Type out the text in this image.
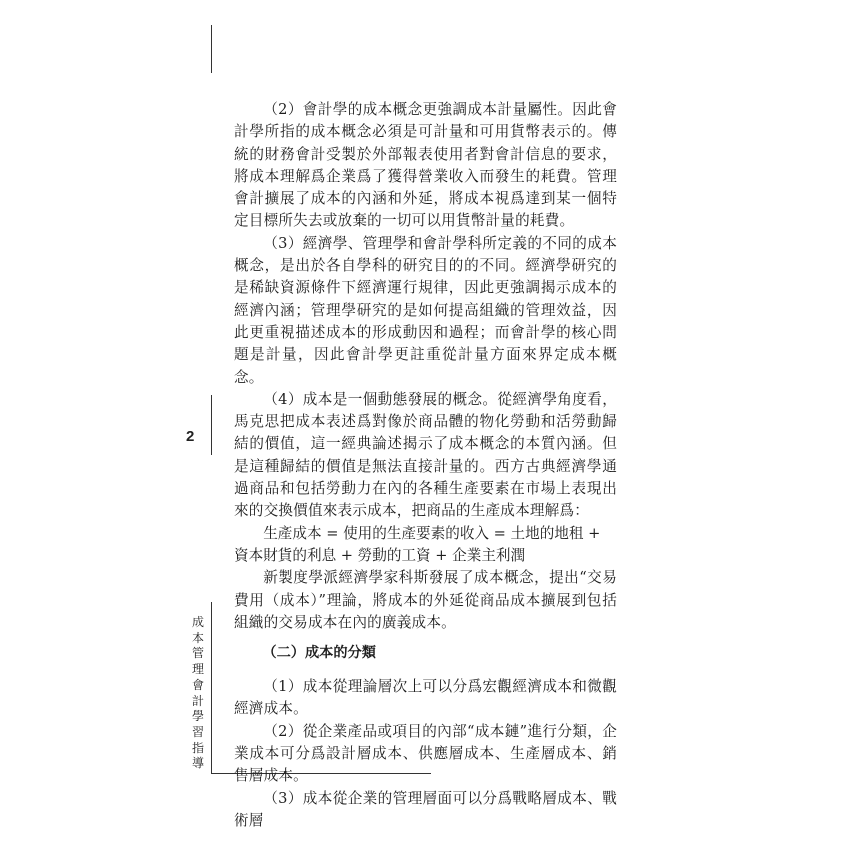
2
成本管理會計學習指導

（2）會計學的成本概念更強調成本計量屬性。因此會計學所指的成本概念必須是可計量和可用貨幣表示的。傳統的財務會計受製於外部報表使用者對會計信息的要求，將成本理解爲企業爲了獲得營業收入而發生的耗費。管理會計擴展了成本的內涵和外延，將成本視爲達到某一個特定目標所失去或放棄的一切可以用貨幣計量的耗費。

（3）經濟學、管理學和會計學科所定義的不同的成本概念，是出於各自學科的研究目的的不同。經濟學研究的是稀缺資源條件下經濟運行規律，因此更強調揭示成本的經濟內涵；管理學研究的是如何提高組織的管理效益，因此更重視描述成本的形成動因和過程；而會計學的核心問題是計量，因此會計學更註重從計量方面來界定成本概念。

（4）成本是一個動態發展的概念。從經濟學角度看，馬克思把成本表述爲對像於商品體的物化勞動和活勞動歸結的價值，這一經典論述揭示了成本概念的本質內涵。但是這種歸結的價值是無法直接計量的。西方古典經濟學通過商品和包括勞動力在內的各種生產要素在市場上表現出來的交換價值來表示成本，把商品的生產成本理解爲：

生產成本 = 使用的生產要素的收入 = 土地的地租 + 資本財貨的利息 + 勞動的工資 + 企業主利潤

新製度學派經濟學家科斯發展了成本概念，提出“交易費用（成本）”理論，將成本的外延從商品成本擴展到包括組織的交易成本在內的廣義成本。

（二）成本的分類

（1）成本從理論層次上可以分爲宏觀經濟成本和微觀經濟成本。

（2）從企業產品或項目的內部“成本鏈”進行分類，企業成本可分爲設計層成本、供應層成本、生產層成本、銷售層成本。

（3）成本從企業的管理層面可以分爲戰略層成本、戰術層
